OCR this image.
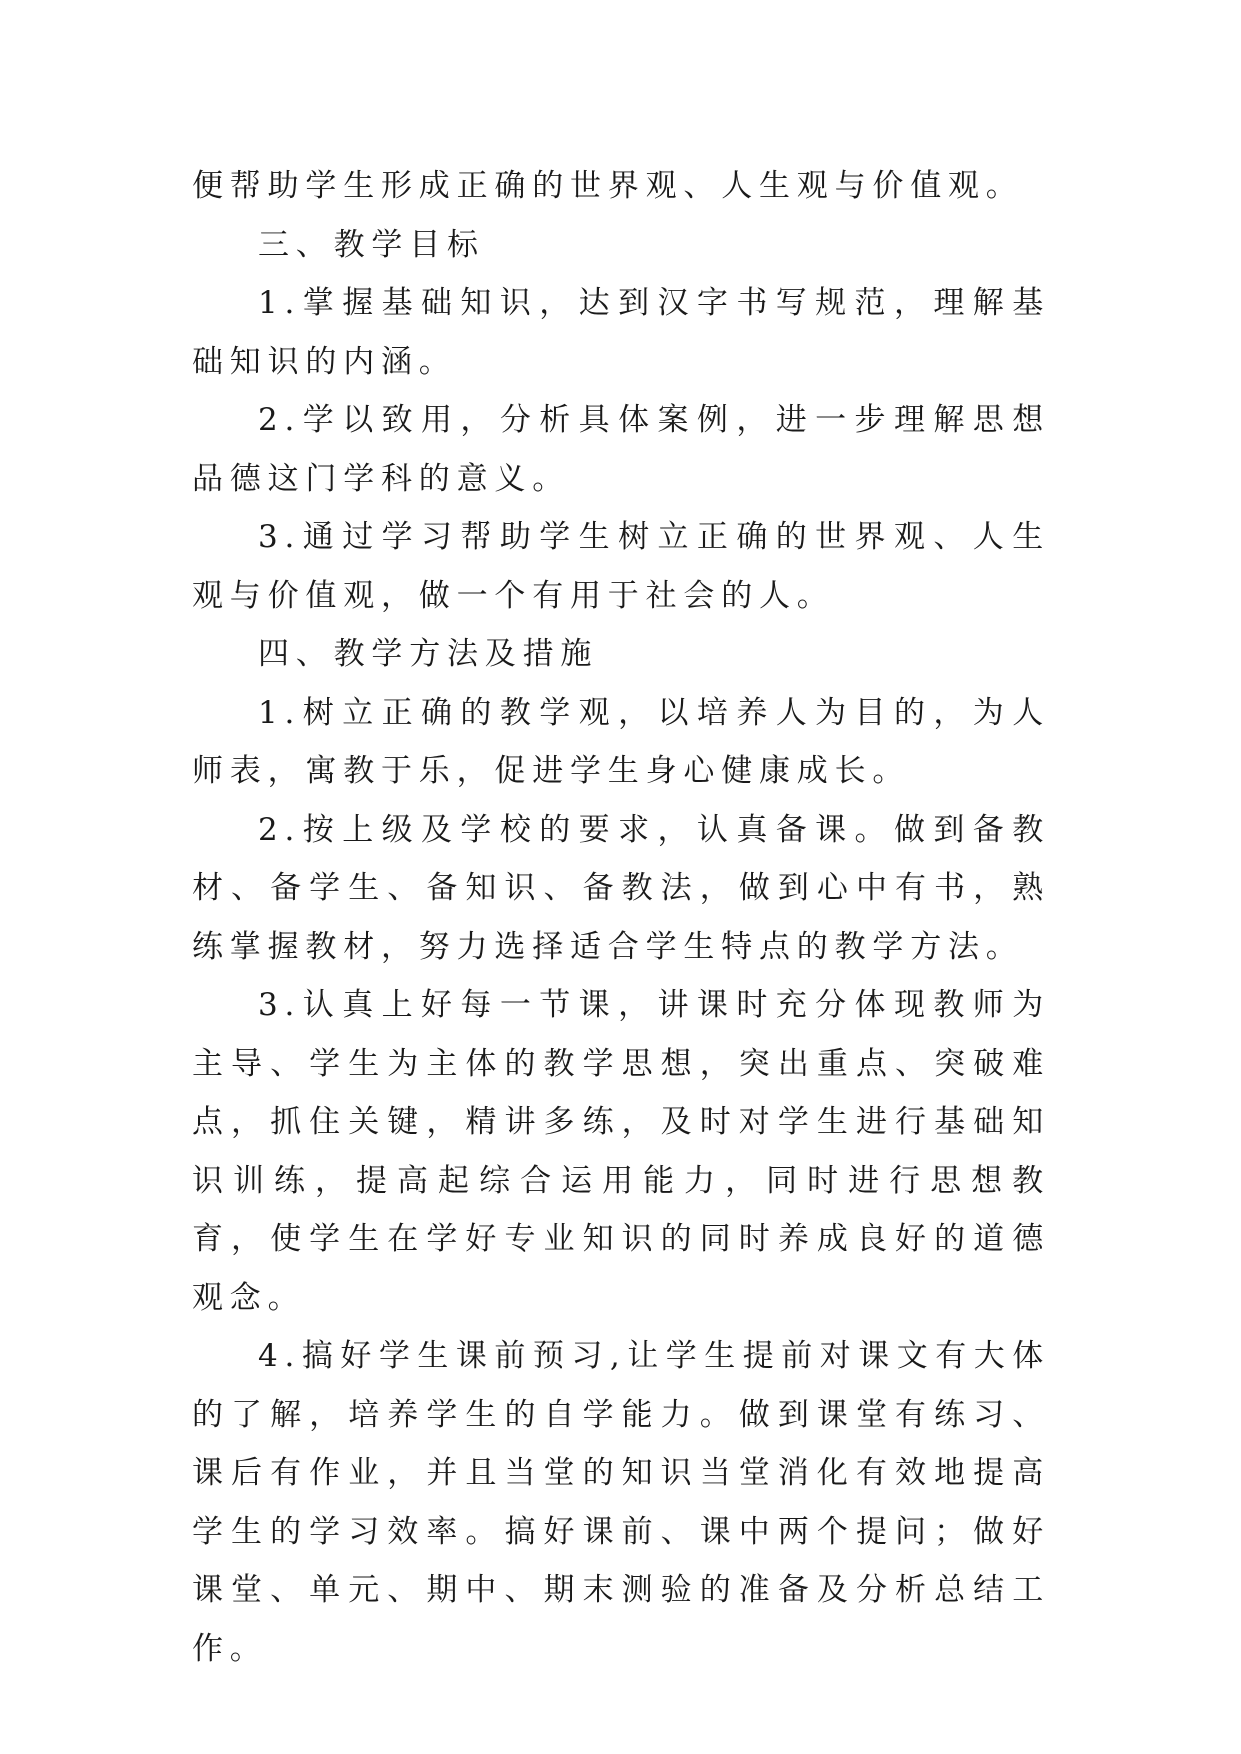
便帮助学生形成正确的世界观、人生观与价值观。

三、教学目标

1.掌握基础知识，达到汉字书写规范，理解基础知识的内涵。

2.学以致用，分析具体案例，进一步理解思想品德这门学科的意义。

3.通过学习帮助学生树立正确的世界观、人生观与价值观，做一个有用于社会的人。

四、教学方法及措施

1.树立正确的教学观，以培养人为目的，为人师表，寓教于乐，促进学生身心健康成长。

2.按上级及学校的要求，认真备课。做到备教材、备学生、备知识、备教法，做到心中有书，熟练掌握教材，努力选择适合学生特点的教学方法。

3.认真上好每一节课，讲课时充分体现教师为主导、学生为主体的教学思想，突出重点、突破难点，抓住关键，精讲多练，及时对学生进行基础知识训练，提高起综合运用能力，同时进行思想教育，使学生在学好专业知识的同时养成良好的道德观念。

4.搞好学生课前预习,让学生提前对课文有大体的了解，培养学生的自学能力。做到课堂有练习、课后有作业，并且当堂的知识当堂消化有效地提高学生的学习效率。搞好课前、课中两个提问；做好课堂、单元、期中、期末测验的准备及分析总结工作。
